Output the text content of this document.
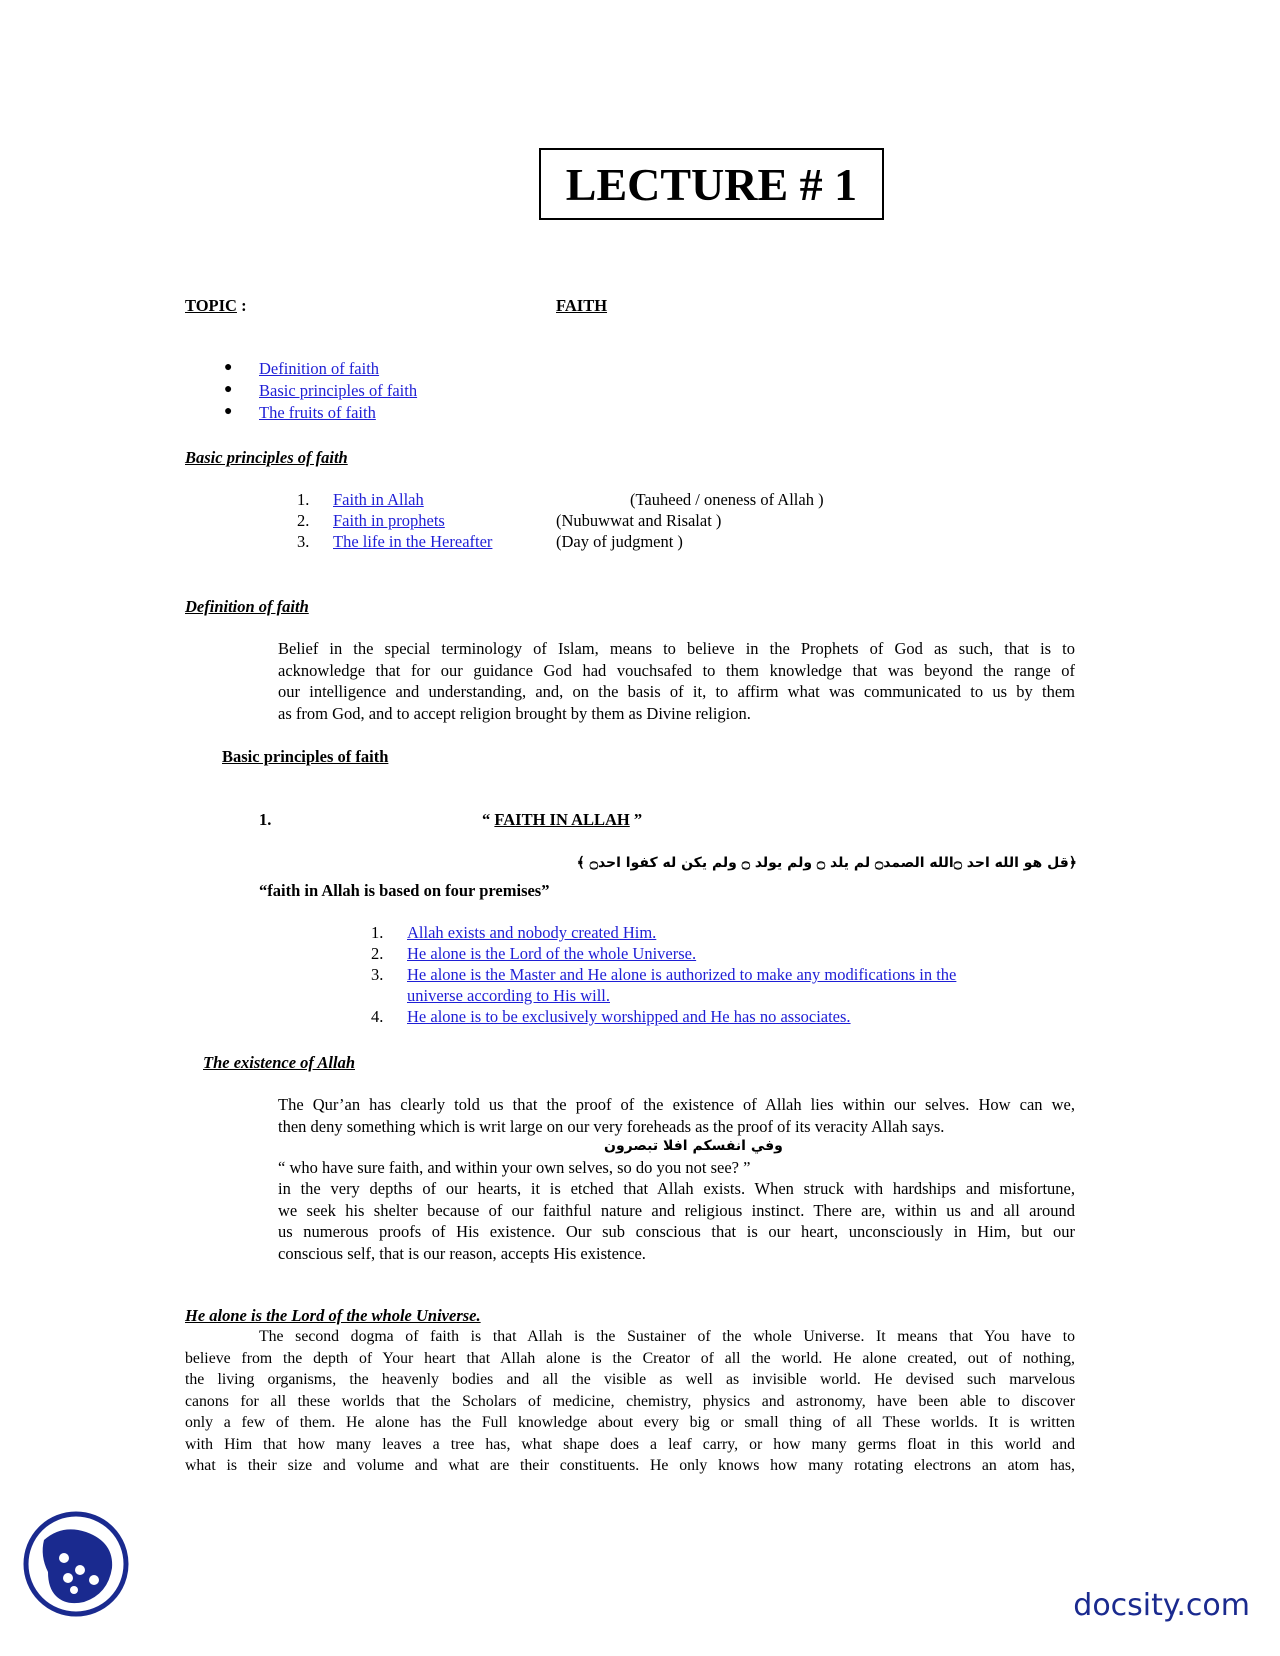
LECTURE # 1
TOPIC :	FAITH
● Definition of faith
● Basic principles of faith
● The fruits of faith
Basic principles of faith
1. Faith in Allah	(Tauheed / oneness of Allah )
2. Faith in prophets	(Nubuwwat and Risalat )
3. The life in the Hereafter	(Day of judgment )
Definition of faith
Belief in the special terminology of Islam, means to believe in the Prophets of God as such, that is to
acknowledge that for our guidance God had vouchsafed to them knowledge that was beyond the range of
our intelligence and understanding, and, on the basis of it, to affirm what was communicated to us by them
as from God, and to accept religion brought by them as Divine religion.
Basic principles of faith
1.	“ FAITH IN ALLAH ”
﴿قل هو الله احد ۝الله الصمد۝ لم يلد ۝ ولم يولد ۝ ولم يكن له كفوا احد۝ ﴾
“faith in Allah is based on four premises”
1. Allah exists and nobody created Him.
2. He alone is the Lord of the whole Universe.
3. He alone is the Master and He alone is authorized to make any modifications in the
universe according to His will.
4. He alone is to be exclusively worshipped and He has no associates.
The existence of Allah
The Qur’an has clearly told us that the proof of the existence of Allah lies within our selves. How can we,
then deny something which is writ large on our very foreheads as the proof of its veracity Allah says.
وفي انفسكم افلا تبصرون
“ who have sure faith, and within your own selves, so do you not see? ”
in the very depths of our hearts, it is etched that Allah exists. When struck with hardships and misfortune,
we seek his shelter because of our faithful nature and religious instinct. There are, within us and all around
us numerous proofs of His existence. Our sub conscious that is our heart, unconsciously in Him, but our
conscious self, that is our reason, accepts His existence.
He alone is the Lord of the whole Universe.
The second dogma of faith is that Allah is the Sustainer of the whole Universe. It means that You have to
believe from the depth of Your heart that Allah alone is the Creator of all the world. He alone created, out of nothing,
the living organisms, the heavenly bodies and all the visible as well as invisible world. He devised such marvelous
canons for all these worlds that the Scholars of medicine, chemistry, physics and astronomy, have been able to discover
only a few of them. He alone has the Full knowledge about every big or small thing of all These worlds. It is written
with Him that how many leaves a tree has, what shape does a leaf carry, or how many germs float in this world and
what is their size and volume and what are their constituents. He only knows how many rotating electrons an atom has,
docsity.com
